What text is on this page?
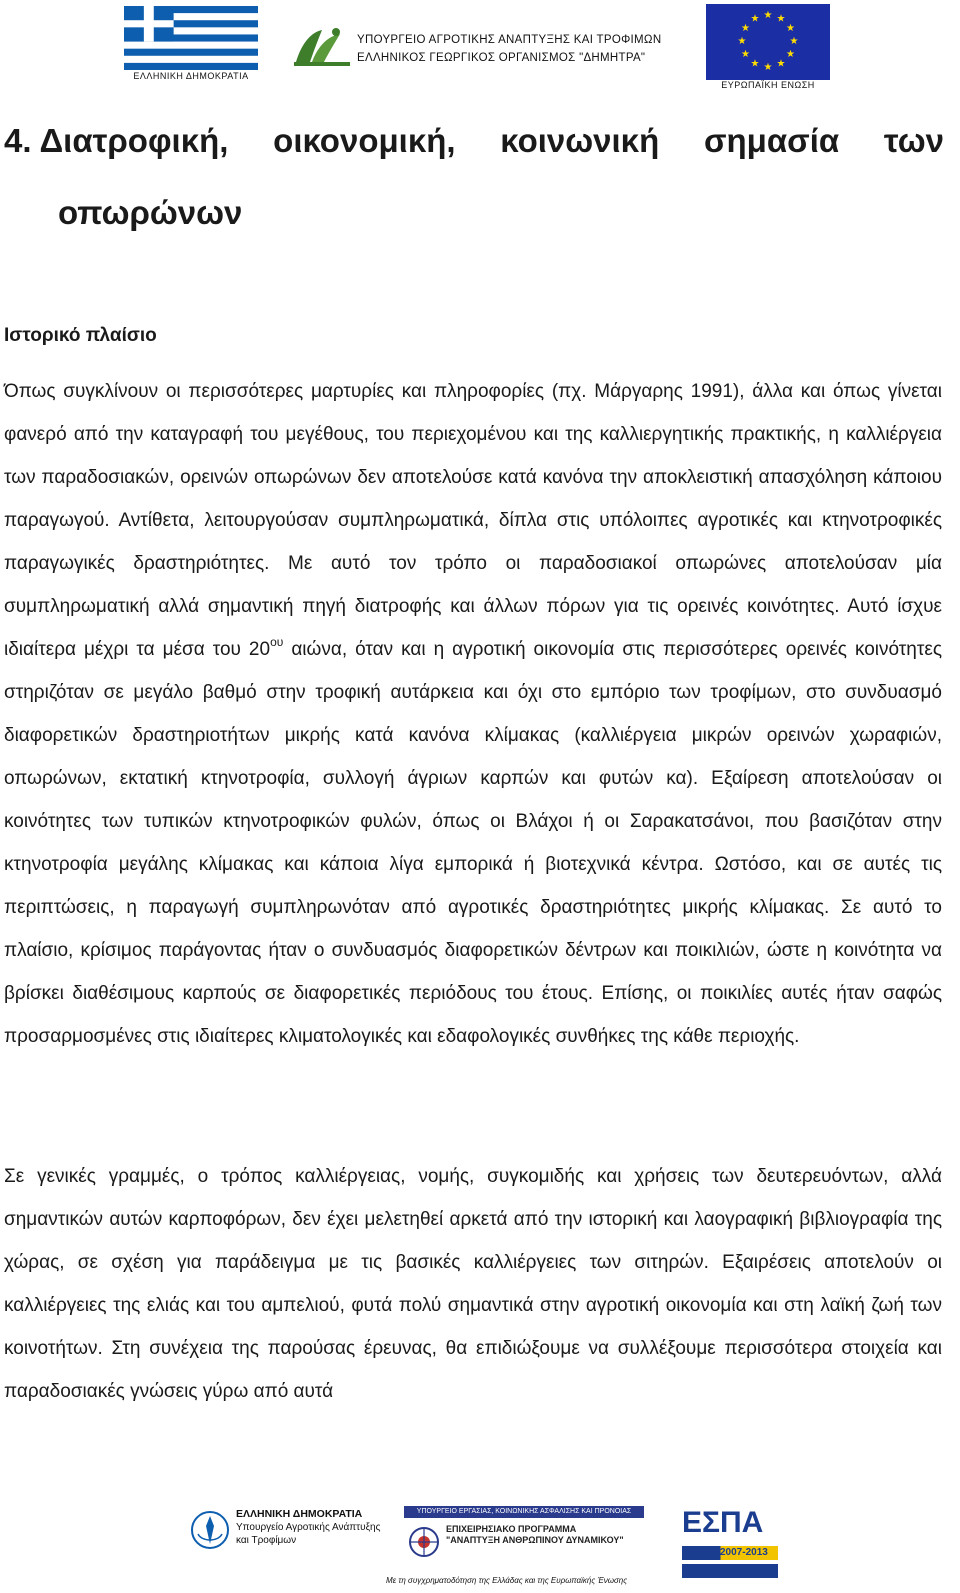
ΕΛΛΗΝΙΚΗ ΔΗΜΟΚΡΑΤΙΑ
ΥΠΟΥΡΓΕΙΟ ΑΓΡΟΤΙΚΗΣ ΑΝΑΠΤΥΞΗΣ ΚΑΙ ΤΡΟΦΙΜΩΝ
ΕΛΛΗΝΙΚΟΣ ΓΕΩΡΓΙΚΟΣ ΟΡΓΑΝΙΣΜΟΣ "ΔΗΜΗΤΡΑ"
★ ★
★
★
★
★
★
★
★
★
★
★
ΕΥΡΩΠΑΪΚΗ ΕΝΩΣΗ
4. Διατροφική, οικονομική, κοινωνική σημασία των
οπωρώνων
Ιστορικό πλαίσιο

Όπως συγκλίνουν οι περισσότερες μαρτυρίες και πληροφορίες (πχ. Μάργαρης 1991), άλλα και όπως γίνεται φανερό από την καταγραφή του μεγέθους, του περιεχομένου και της καλλιεργητικής πρακτικής, η καλλιέργεια των παραδοσιακών, ορεινών οπωρώνων δεν αποτελούσε κατά κανόνα την αποκλειστική απασχόληση κάποιου παραγωγού. Αντίθετα, λειτουργούσαν συμπληρωματικά, δίπλα στις υπόλοιπες αγροτικές και κτηνοτροφικές παραγωγικές δραστηριότητες. Με αυτό τον τρόπο οι παραδοσιακοί οπωρώνες αποτελούσαν μία συμπληρωματική αλλά σημαντική πηγή διατροφής και άλλων πόρων για τις ορεινές κοινότητες. Αυτό ίσχυε ιδιαίτερα μέχρι τα μέσα του $20^{o\upsilon}$ αιώνα, όταν και η αγροτική οικονομία στις περισσότερες ορεινές κοινότητες στηριζόταν σε μεγάλο βαθμό στην τροφική αυτάρκεια και όχι στο εμπόριο των τροφίμων, στο συνδυασμό διαφορετικών δραστηριοτήτων μικρής κατά κανόνα κλίμακας (καλλιέργεια μικρών ορεινών χωραφιών, οπωρώνων, εκτατική κτηνοτροφία, συλλογή άγριων καρπών και φυτών κα). Εξαίρεση αποτελούσαν οι κοινότητες των τυπικών κτηνοτροφικών φυλών, όπως οι Βλάχοι ή οι Σαρακατσάνοι, που βασιζόταν στην κτηνοτροφία μεγάλης κλίμακας και κάποια λίγα εμπορικά ή βιοτεχνικά κέντρα. Ωστόσο, και σε αυτές τις περιπτώσεις, η παραγωγή συμπληρωνόταν από αγροτικές δραστηριότητες μικρής κλίμακας. Σε αυτό το πλαίσιο, κρίσιμος παράγοντας ήταν ο συνδυασμός διαφορετικών δέντρων και ποικιλιών, ώστε η κοινότητα να βρίσκει διαθέσιμους καρπούς σε διαφορετικές περιόδους του έτους. Επίσης, οι ποικιλίες αυτές ήταν σαφώς προσαρμοσμένες στις ιδιαίτερες κλιματολογικές και εδαφολογικές συνθήκες της κάθε περιοχής.

Σε γενικές γραμμές, ο τρόπος καλλιέργειας, νομής, συγκομιδής και χρήσεις των δευτερευόντων, αλλά σημαντικών αυτών καρποφόρων, δεν έχει μελετηθεί αρκετά από την ιστορική και λαογραφική βιβλιογραφία της χώρας, σε σχέση για παράδειγμα με τις βασικές καλλιέργειες των σιτηρών. Εξαιρέσεις αποτελούν οι καλλιέργειες της ελιάς και του αμπελιού, φυτά πολύ σημαντικά στην αγροτική οικονομία και στη λαϊκή ζωή των κοινοτήτων. Στη συνέχεια της παρούσας έρευνας, θα επιδιώξουμε να συλλέξουμε περισσότερα στοιχεία και παραδοσιακές γνώσεις γύρω από αυτά

ΕΛΛΗΝΙΚΗ ΔΗΜΟΚΡΑΤΙΑ
Υπουργείο Αγροτικής Ανάπτυξης
και Τροφίμων
ΥΠΟΥΡΓΕΙΟ ΕΡΓΑΣΙΑΣ, ΚΟΙΝΩΝΙΚΗΣ ΑΣΦΑΛΙΣΗΣ ΚΑΙ ΠΡΟΝΟΙΑΣ
ΕΠΙΧΕΙΡΗΣΙΑΚΟ ΠΡΟΓΡΑΜΜΑ
"ΑΝΑΠΤΥΞΗ ΑΝΘΡΩΠΙΝΟΥ ΔΥΝΑΜΙΚΟΥ"
Με τη συγχρηματοδότηση της Ελλάδας και της Ευρωπαϊκής Ένωσης
ΕΣΠΑ
2007-2013
